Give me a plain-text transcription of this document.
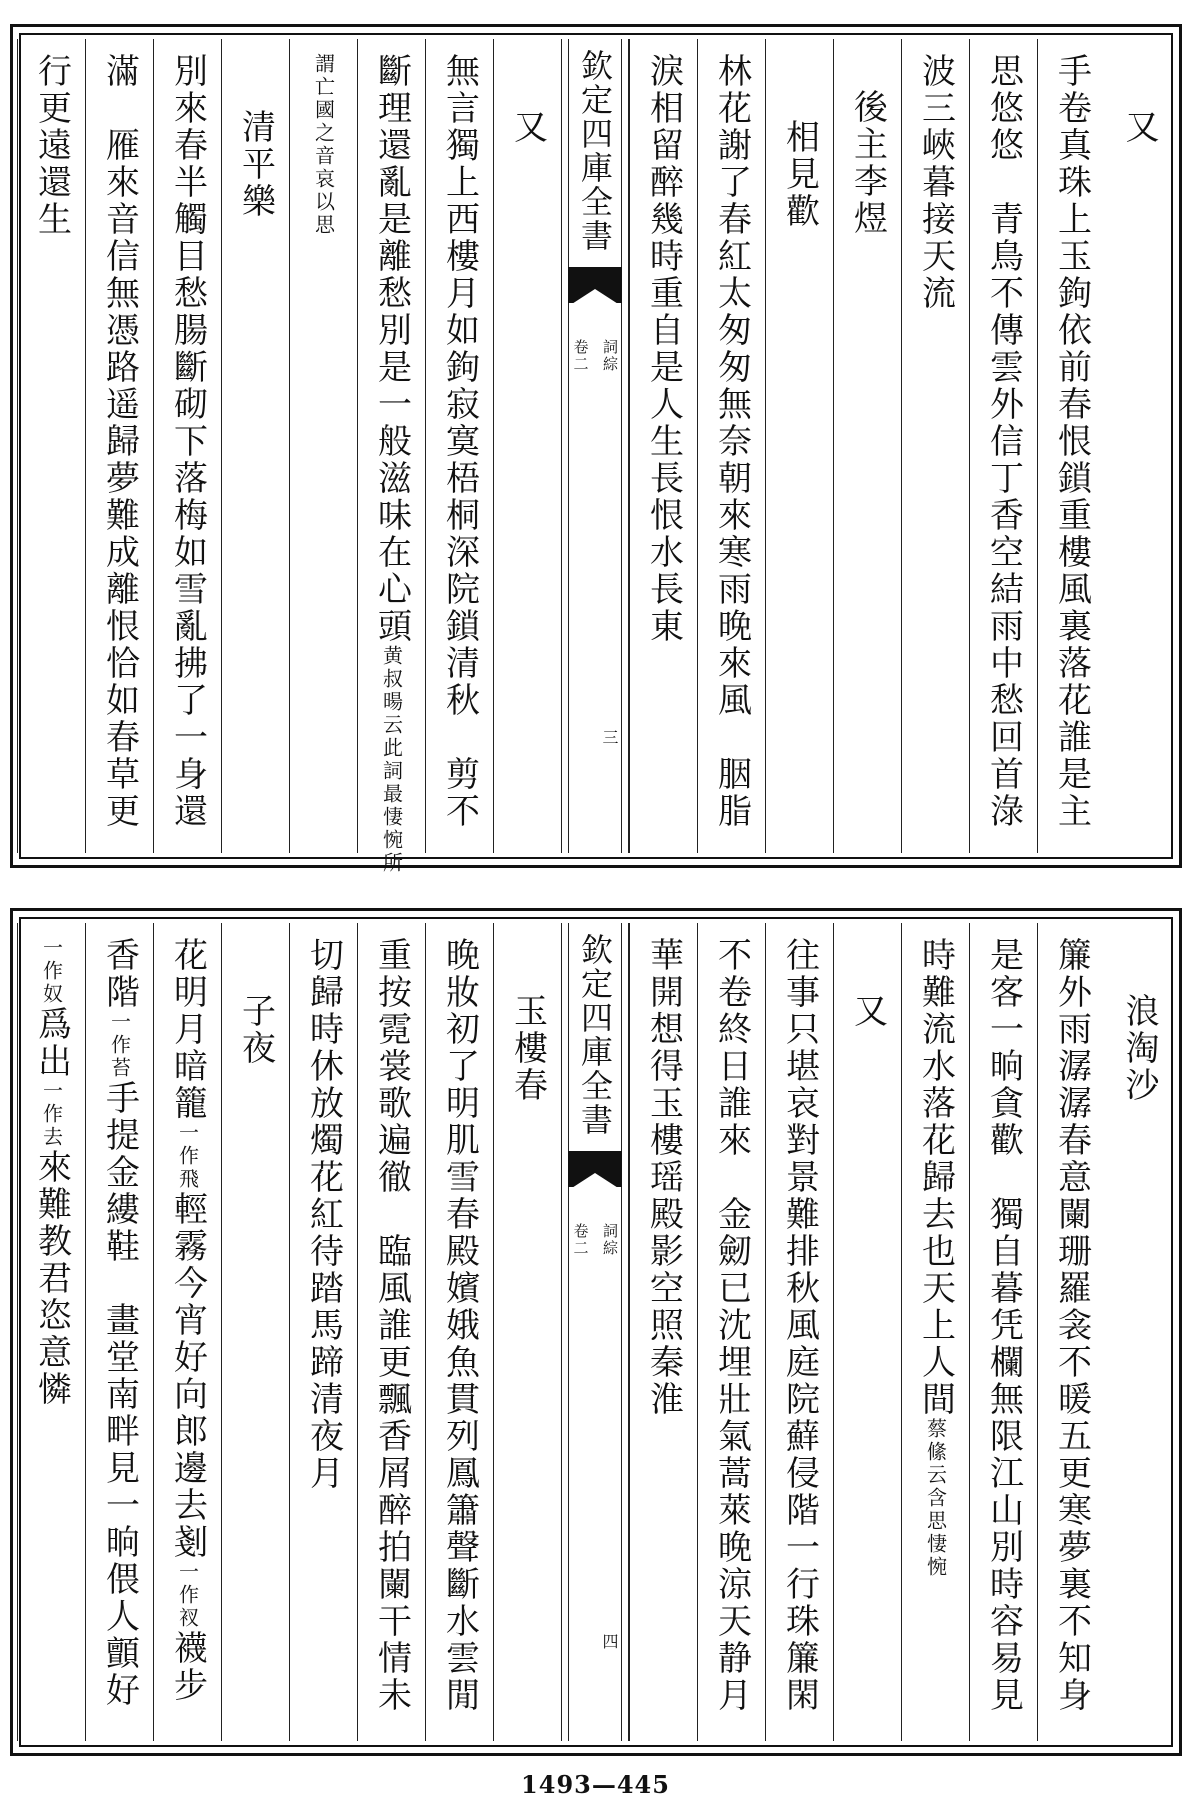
又
手卷真珠上玉鉤依前春恨鎖重樓風裏落花誰是主
思悠悠　青鳥不傳雲外信丁香空結雨中愁回首淥
波三峽暮接天流
後主李煜
相見歡
林花謝了春紅太匆匆無奈朝來寒雨晚來風　胭脂
淚相留醉幾時重自是人生長恨水長東
欽定四庫全書
詞綜
卷二
三
又
無言獨上西樓月如鉤寂寞梧桐深院鎖清秋　剪不
斷理還亂是離愁別是一般滋味在心頭黄叔暘云此詞最悽惋所
謂亡國之音哀以思
清平樂
別來春半觸目愁腸斷砌下落梅如雪亂拂了一身還
滿　雁來音信無憑路遥歸夢難成離恨恰如春草更
行更遠還生
浪淘沙
簾外雨潺潺春意闌珊羅衾不暖五更寒夢裏不知身
是客一晌貪歡　獨自暮凭欄無限江山別時容易見
時難流水落花歸去也天上人間蔡絛云含思悽惋
又
往事只堪哀對景難排秋風庭院蘚侵階一行珠簾閑
不卷終日誰來　金劒已沈埋壯氣蒿萊晚涼天静月
華開想得玉樓瑶殿影空照秦淮
欽定四庫全書
詞綜
卷二
四
玉樓春
晚妝初了明肌雪春殿嬪娥魚貫列鳳簫聲斷水雲閒
重按霓裳歌遍徹　臨風誰更飄香屑醉拍闌干情未
切歸時休放燭花紅待踏馬蹄清夜月
子夜
花明月暗籠一作飛輕霧今宵好向郎邊去剗一作衩襪步
香階一作苔手提金縷鞋　畫堂南畔見一晌偎人顫好
一作奴爲出一作去來難教君恣意憐
1493—445
